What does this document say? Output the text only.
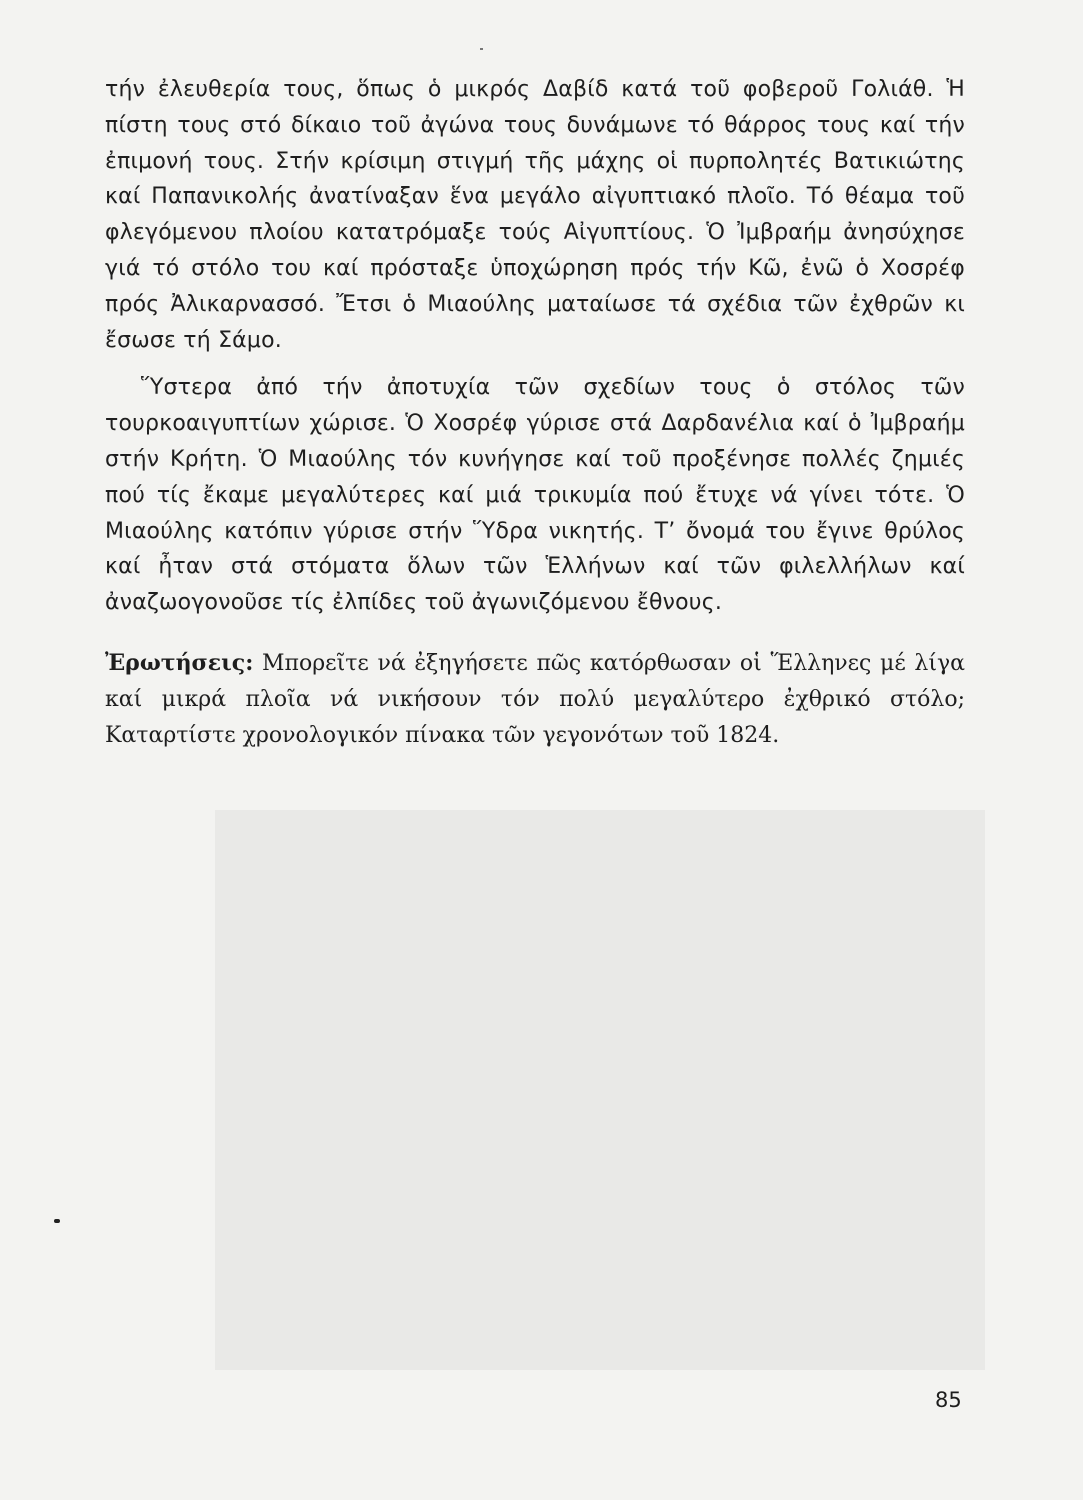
τήν ἐλευθερία τους, ὅπως ὁ μικρός Δαβίδ κατά τοῦ φοβεροῦ Γολιάθ. Ἡ πίστη τους στό δίκαιο τοῦ ἀγώνα τους δυνάμωνε τό θάρρος τους καί τήν ἐπιμονή τους. Στήν κρίσιμη στιγμή τῆς μάχης οἱ πυρπολητές Βατικιώτης καί Παπανικολής ἀνατίναξαν ἕνα μεγάλο αἰγυπτιακό πλοῖο. Τό θέαμα τοῦ φλεγόμενου πλοίου κατατρόμαξε τούς Αἰγυπτίους. Ὁ Ἰμβραήμ ἀνησύχησε γιά τό στόλο του καί πρόσταξε ὑποχώρηση πρός τήν Κῶ, ἐνῶ ὁ Χοσρέφ πρός Ἀλικαρνασσό. Ἔτσι ὁ Μιαούλης ματαίωσε τά σχέδια τῶν ἐχθρῶν κι ἔσωσε τή Σάμο.

Ὕστερα ἀπό τήν ἀποτυχία τῶν σχεδίων τους ὁ στόλος τῶν τουρκοαιγυπτίων χώρισε. Ὁ Χοσρέφ γύρισε στά Δαρδανέλια καί ὁ Ἰμβραήμ στήν Κρήτη. Ὁ Μιαούλης τόν κυνήγησε καί τοῦ προξένησε πολλές ζημιές πού τίς ἔκαμε μεγαλύτερες καί μιά τρικυμία πού ἔτυχε νά γίνει τότε. Ὁ Μιαούλης κατόπιν γύρισε στήν Ὕδρα νικητής. Τ’ ὄνομά του ἔγινε θρύλος καί ἦταν στά στόματα ὅλων τῶν Ἑλλήνων καί τῶν φιλελλήλων καί ἀναζωογονοῦσε τίς ἐλπίδες τοῦ ἀγωνιζόμενου ἔθνους.

Ἐρωτήσεις: Μπορεῖτε νά ἐξηγήσετε πῶς κατόρθωσαν οἱ Ἕλληνες μέ λίγα καί μικρά πλοῖα νά νικήσουν τόν πολύ μεγαλύτερο ἐχθρικό στόλο; Καταρτίστε χρονολογικόν πίνακα τῶν γεγονότων τοῦ 1824.
85
